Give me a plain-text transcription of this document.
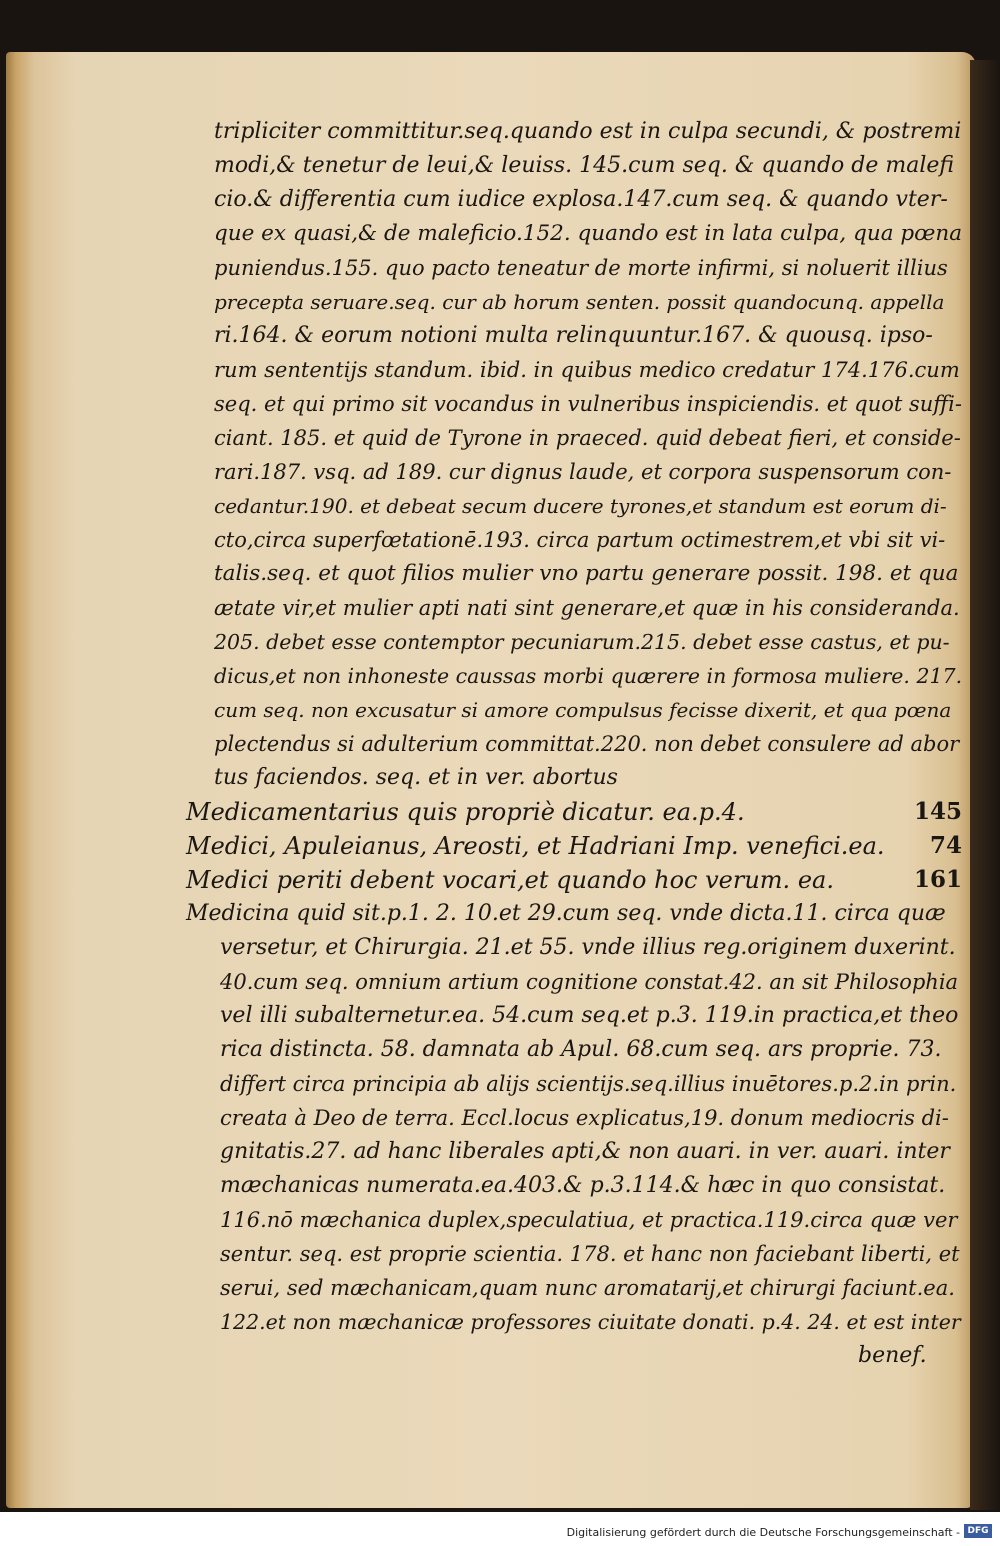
tripliciter committitur.seq.quando est in culpa secundi, & postremi
modi,& tenetur de leui,& leuiss. 145.cum seq. & quando de malefi
cio.& differentia cum iudice explosa.147.cum seq. & quando vter-
que ex quasi,& de maleficio.152. quando est in lata culpa, qua pœna
puniendus.155. quo pacto teneatur de morte infirmi, si noluerit illius
precepta seruare.seq. cur ab horum senten. possit quandocunq. appella
ri.164. & eorum notioni multa relinquuntur.167. & quousq. ipso-
rum sententijs standum. ibid. in quibus medico credatur 174.176.cum
seq. et qui primo sit vocandus in vulneribus inspiciendis. et quot suffi-
ciant. 185. et quid de Tyrone in praeced. quid debeat fieri, et conside-
rari.187. vsq. ad 189. cur dignus laude, et corpora suspensorum con-
cedantur.190. et debeat secum ducere tyrones,et standum est eorum di-
cto,circa superfœtationē.193. circa partum octimestrem,et vbi sit vi-
talis.seq. et quot filios mulier vno partu generare possit. 198. et qua
ætate vir,et mulier apti nati sint generare,et quæ in his consideranda.
205. debet esse contemptor pecuniarum.215. debet esse castus, et pu-
dicus,et non inhoneste caussas morbi quærere in formosa muliere. 217.
cum seq. non excusatur si amore compulsus fecisse dixerit, et qua pœna
plectendus si adulterium committat.220. non debet consulere ad abor
tus faciendos. seq. et in ver. abortus
Medicamentarius quis propriè dicatur. ea.p.4.	145
Medici, Apuleianus, Areosti, et Hadriani Imp. venefici.ea. 74
Medici periti debent vocari,et quando hoc verum. ea.	161
Medicina quid sit.p.1. 2. 10.et 29.cum seq. vnde dicta.11. circa quæ
versetur, et Chirurgia. 21.et 55. vnde illius reg.originem duxerint.
40.cum seq. omnium artium cognitione constat.42. an sit Philosophia
vel illi subalternetur.ea. 54.cum seq.et p.3. 119.in practica,et theo
rica distincta. 58. damnata ab Apul. 68.cum seq. ars proprie. 73.
differt circa principia ab alijs scientijs.seq.illius inuētores.p.2.in prin.
creata à Deo de terra. Eccl.locus explicatus,19. donum mediocris di-
gnitatis.27. ad hanc liberales apti,& non auari. in ver. auari. inter
mæchanicas numerata.ea.403.& p.3.114.& hæc in quo consistat.
116.nō mæchanica duplex,speculatiua, et practica.119.circa quæ ver
sentur. seq. est proprie scientia. 178. et hanc non faciebant liberti, et
serui, sed mæchanicam,quam nunc aromatarij,et chirurgi faciunt.ea.
122.et non mæchanicæ professores ciuitate donati. p.4. 24. et est inter
benef.
Digitalisierung gefördert durch die Deutsche Forschungsgemeinschaft - DFG
